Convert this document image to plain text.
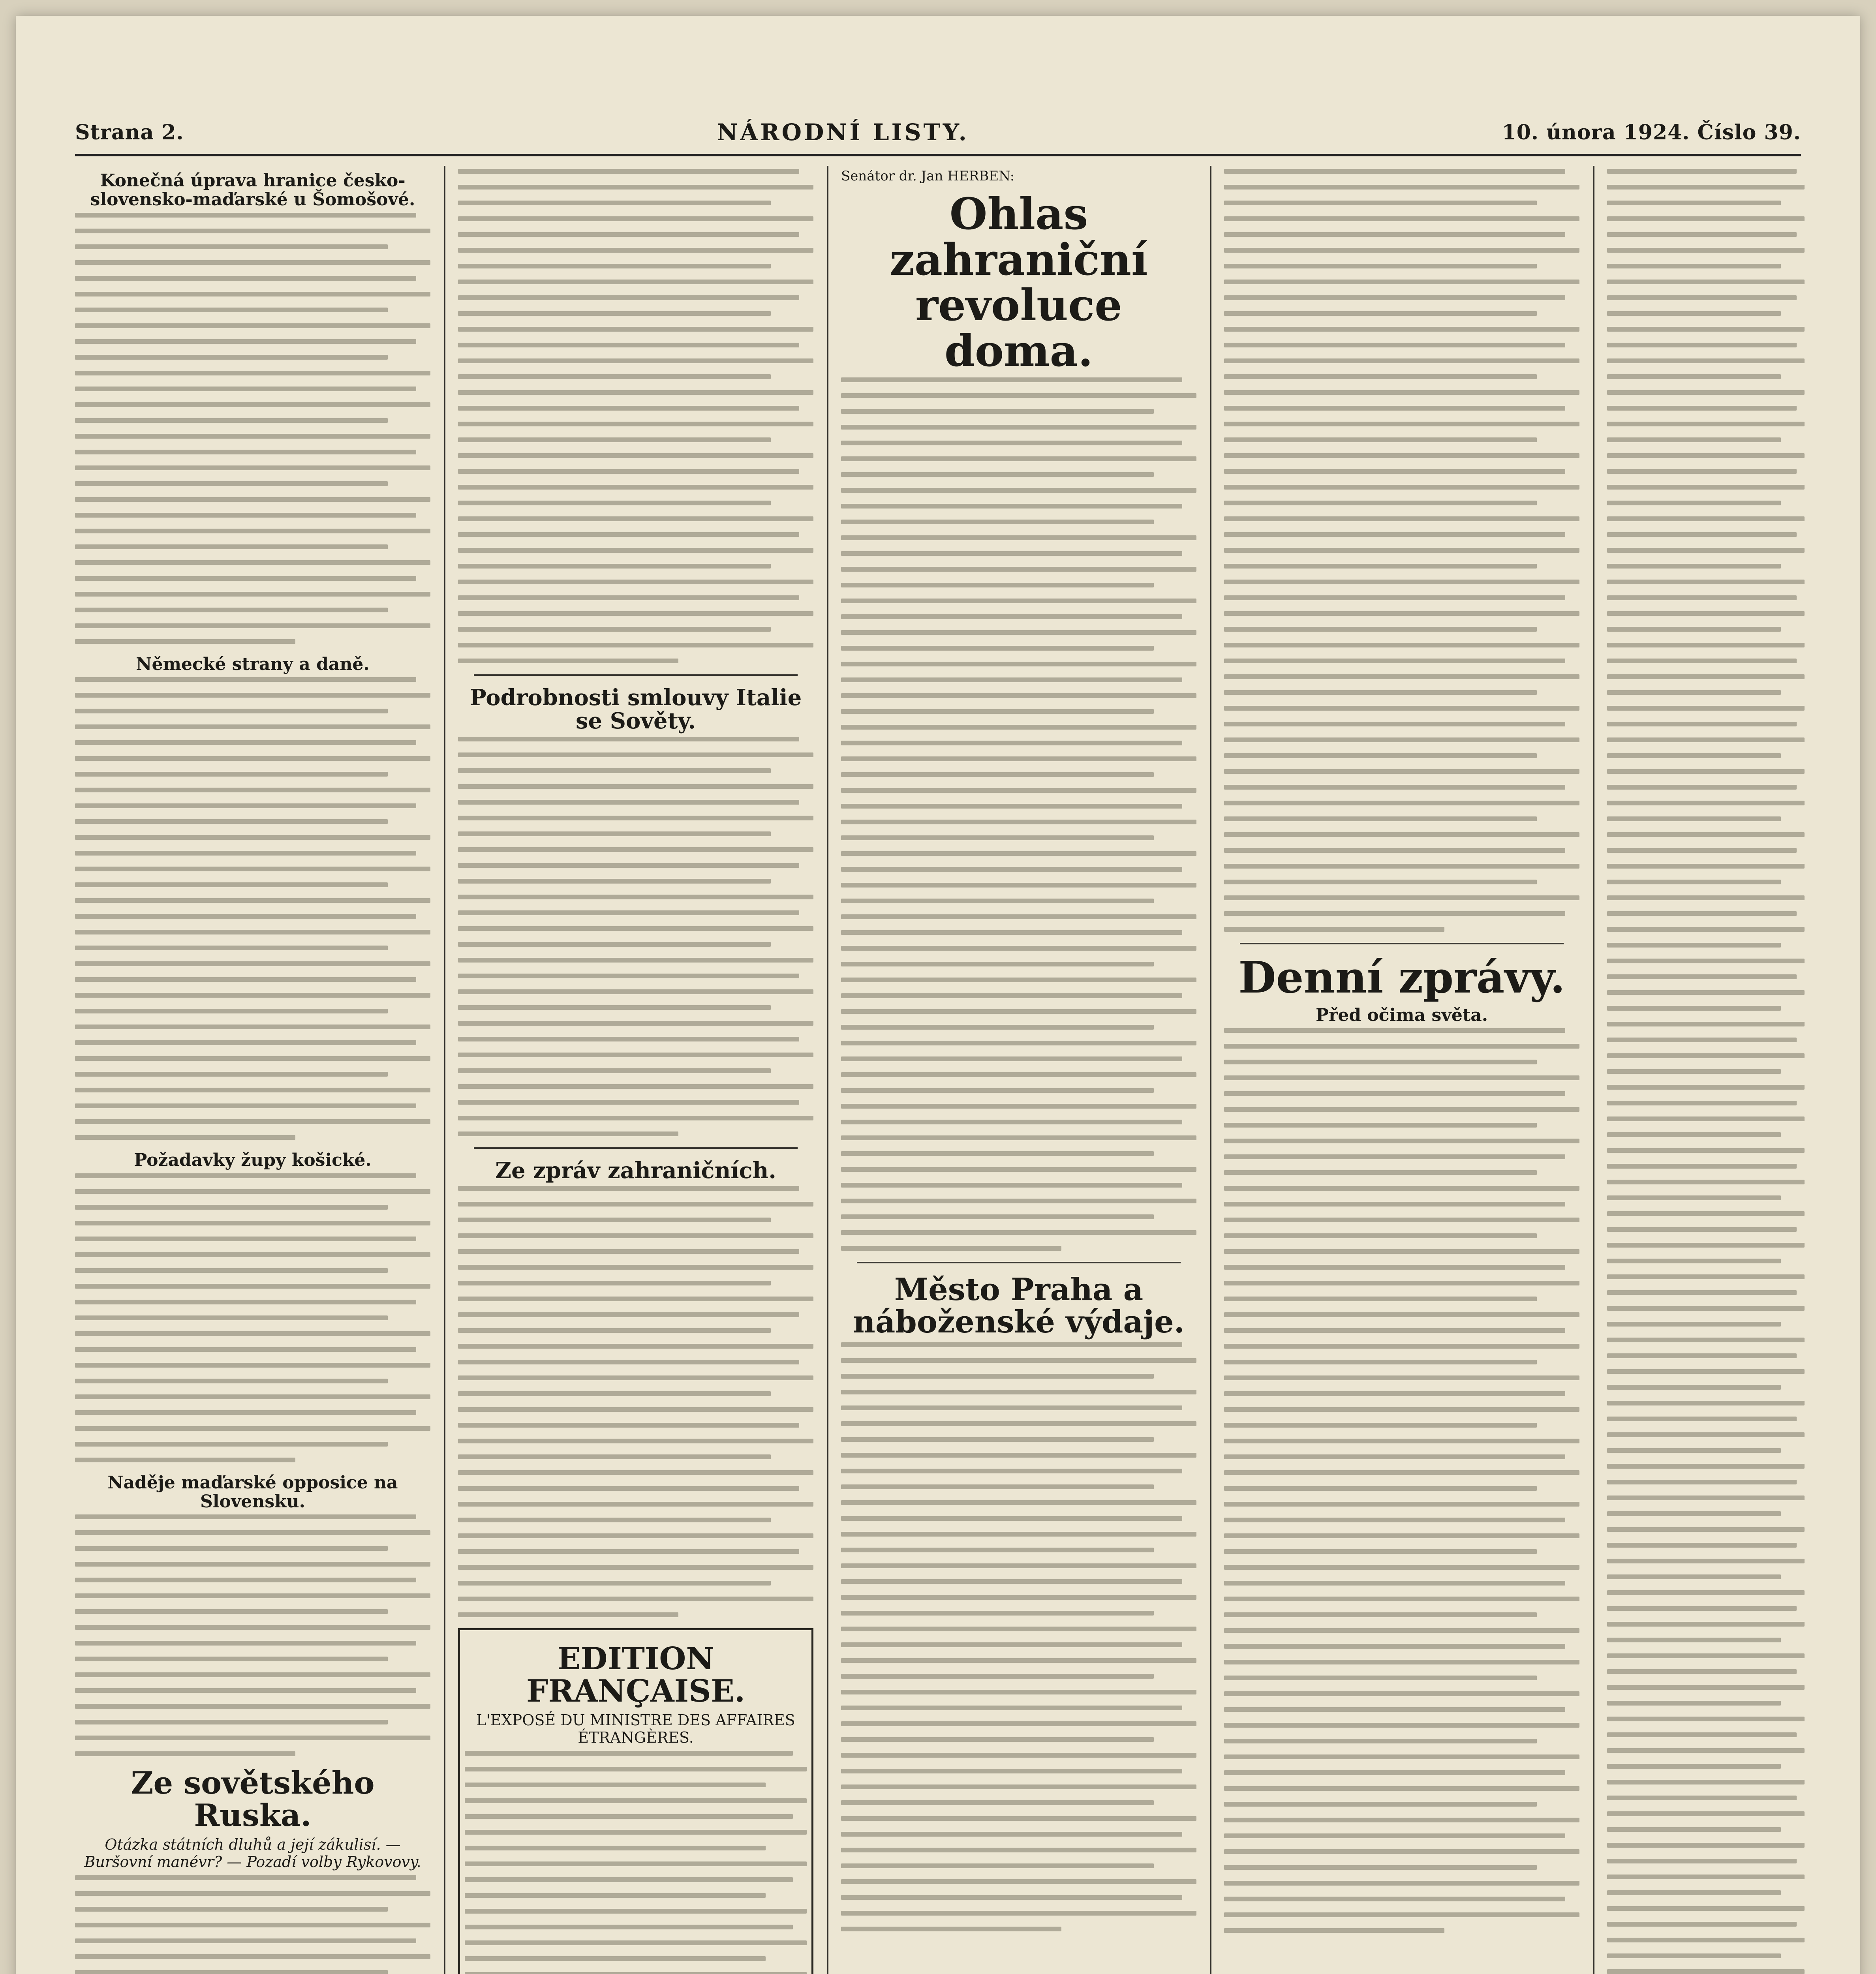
Strana 2.	NÁRODNÍ LISTY.	10. února 1924. Číslo 39.
Konečná úprava hranice česko-slovensko-maďarské u Šomošové.
Německé strany a daně.
Požadavky župy košické.
Naděje maďarské opposice na Slovensku.
Ze sovětského Ruska.
Otázka státních dluhů a její zákulisí. — Buršovní manévr? — Pozadí volby Rykovovy.
Podrobnosti smlouvy Italie se Sověty.
Ze zpráv zahraničních.
EDITION FRANÇAISE.
L'EXPOSÉ DU MINISTRE DES AFFAIRES ÉTRANGÈRES.
Senátor dr. Jan HERBEN:
Ohlas zahraniční revoluce doma.
Město Praha a náboženské výdaje.
Denní zprávy.
Před očima světa.
